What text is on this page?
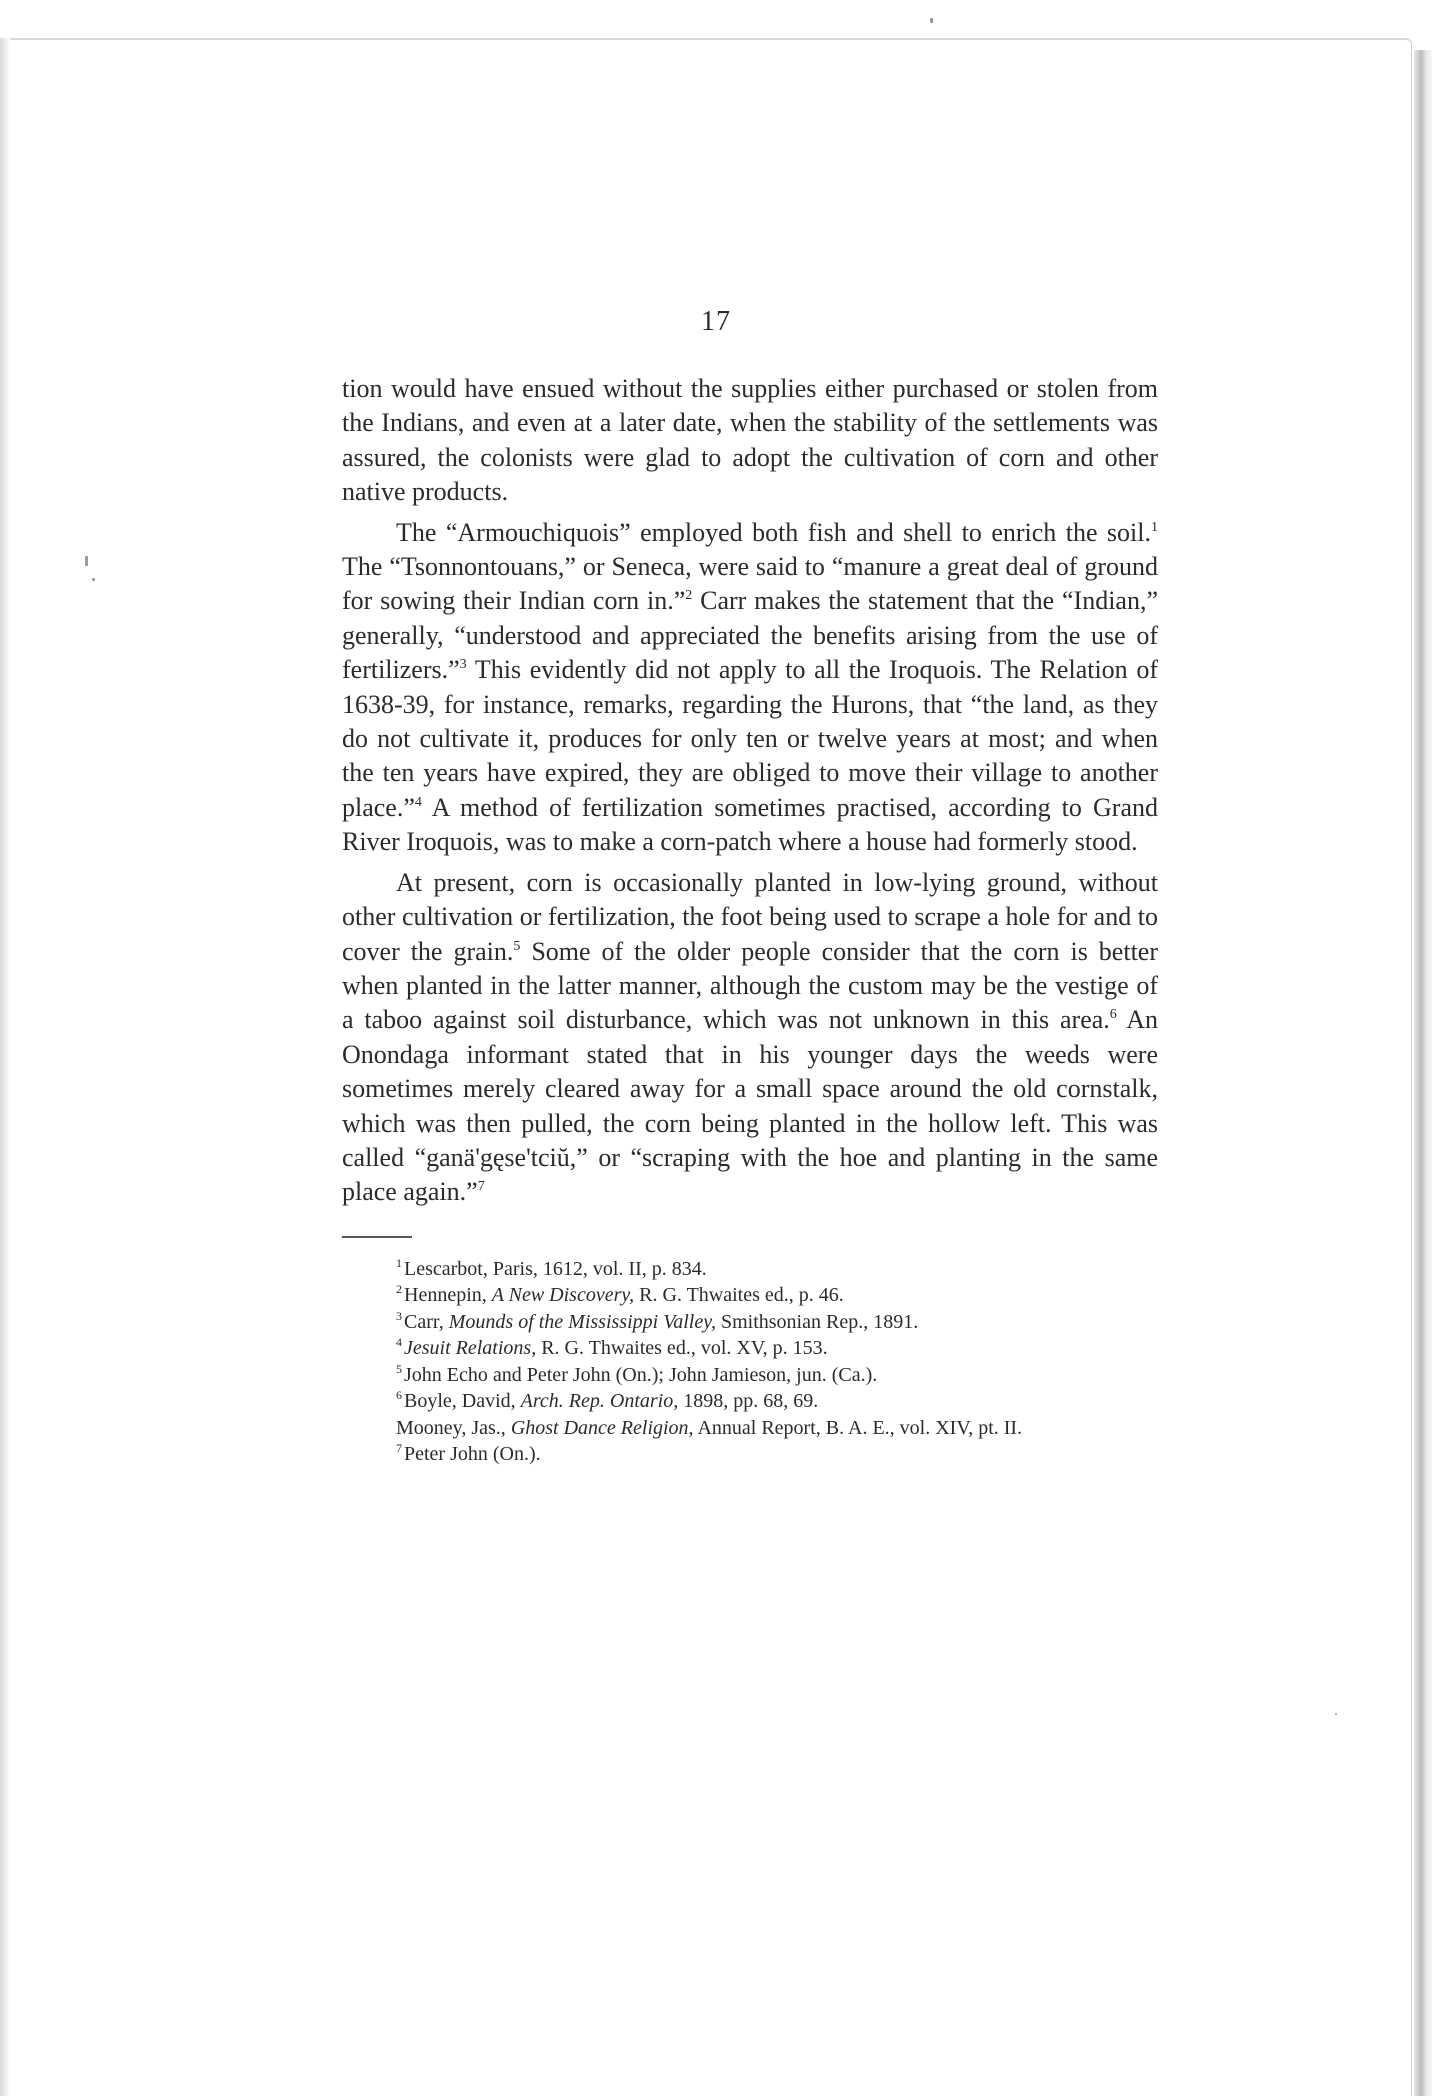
17

tion would have ensued without the supplies either purchased or stolen from the Indians, and even at a later date, when the stability of the settlements was assured, the colonists were glad to adopt the cultivation of corn and other native products.

The “Armouchiquois” employed both fish and shell to enrich the soil.$^1$ The “Tsonnontouans,” or Seneca, were said to “manure a great deal of ground for sowing their Indian corn in.”$^2$ Carr makes the statement that the “Indian,” generally, “understood and appreciated the benefits arising from the use of fertilizers.”$^3$ This evidently did not apply to all the Iroquois. The Relation of 1638-39, for instance, remarks, regarding the Hurons, that “the land, as they do not cultivate it, produces for only ten or twelve years at most; and when the ten years have expired, they are obliged to move their village to another place.”$^4$ A method of fertilization sometimes practised, according to Grand River Iroquois, was to make a corn-patch where a house had formerly stood.

At present, corn is occasionally planted in low-lying ground, without other cultivation or fertilization, the foot being used to scrape a hole for and to cover the grain.$^5$ Some of the older people consider that the corn is better when planted in the latter manner, although the custom may be the vestige of a taboo against soil disturbance, which was not unknown in this area.$^6$ An Onondaga informant stated that in his younger days the weeds were sometimes merely cleared away for a small space around the old cornstalk, which was then pulled, the corn being planted in the hollow left. This was called “ganä'gęse'tciŭ,” or “scraping with the hoe and planting in the same place again.”$^7$

$^1$ Lescarbot, Paris, 1612, vol. II, p. 834.

$^2$ Hennepin, A New Discovery, R. G. Thwaites ed., p. 46.

$^3$ Carr, Mounds of the Mississippi Valley, Smithsonian Rep., 1891.

$^4$ Jesuit Relations, R. G. Thwaites ed., vol. XV, p. 153.

$^5$ John Echo and Peter John (On.); John Jamieson, jun. (Ca.).

$^6$ Boyle, David, Arch. Rep. Ontario, 1898, pp. 68, 69.

Mooney, Jas., Ghost Dance Religion, Annual Report, B. A. E., vol. XIV, pt. II.

$^7$ Peter John (On.).
